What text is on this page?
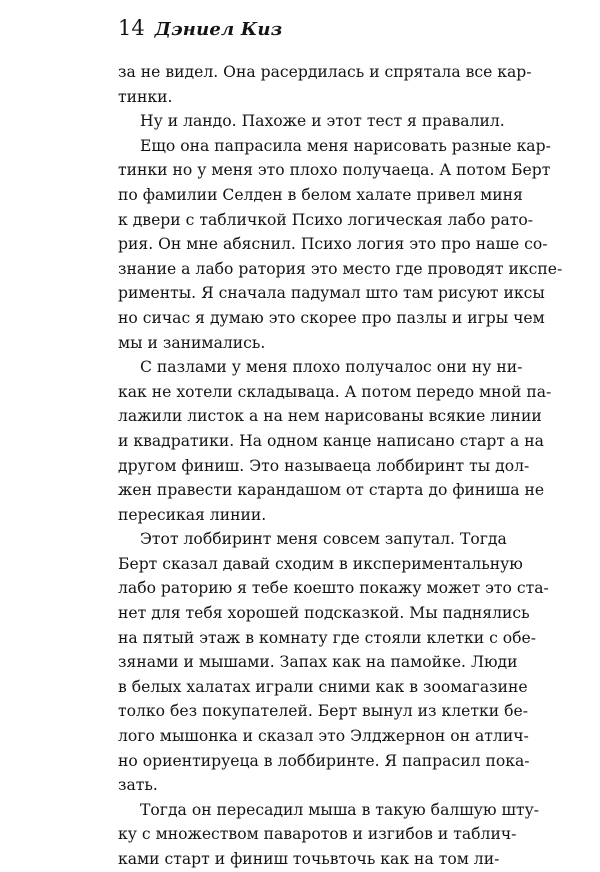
14 Дэниел Киз
за не видел. Она расердилась и спрятала все кар-
тинки.
Ну и ландо. Пахоже и этот тест я правалил.
Ещо она папрасила меня нарисовать разные кар-
тинки но у меня это плохо получаеца. А потом Берт
по фамилии Селден в белом халате привел миня
к двери с табличкой Психо логическая лабо рато-
рия. Он мне абяснил. Психо логия это про наше со-
знание а лабо ратория это место где проводят икспе-
рименты. Я сначала падумал што там рисуют иксы
но сичас я думаю это скорее про пазлы и игры чем
мы и занимались.
С пазлами у меня плохо получалос они ну ни-
как не хотели складываца. А потом передо мной па-
лажили листок а на нем нарисованы всякие линии
и квадратики. На одном канце написано старт а на
другом финиш. Это называеца лоббиринт ты дол-
жен правести карандашом от старта до финиша не
пересикая линии.
Этот лоббиринт меня совсем запутал. Тогда
Берт сказал давай сходим в икспериментальную
лабо раторию я тебе коешто покажу может это ста-
нет для тебя хорошей подсказкой. Мы паднялись
на пятый этаж в комнату где стояли клетки с обе-
зянами и мышами. Запах как на памойке. Люди
в белых халатах играли сними как в зоомагазине
толко без покупателей. Берт вынул из клетки бе-
лого мышонка и сказал это Элджернон он атлич-
но ориентируеца в лоббиринте. Я папрасил пока-
зать.
Тогда он пересадил мыша в такую балшую шту-
ку с множеством паваротов и изгибов и таблич-
ками старт и финиш точьвточь как на том ли-
